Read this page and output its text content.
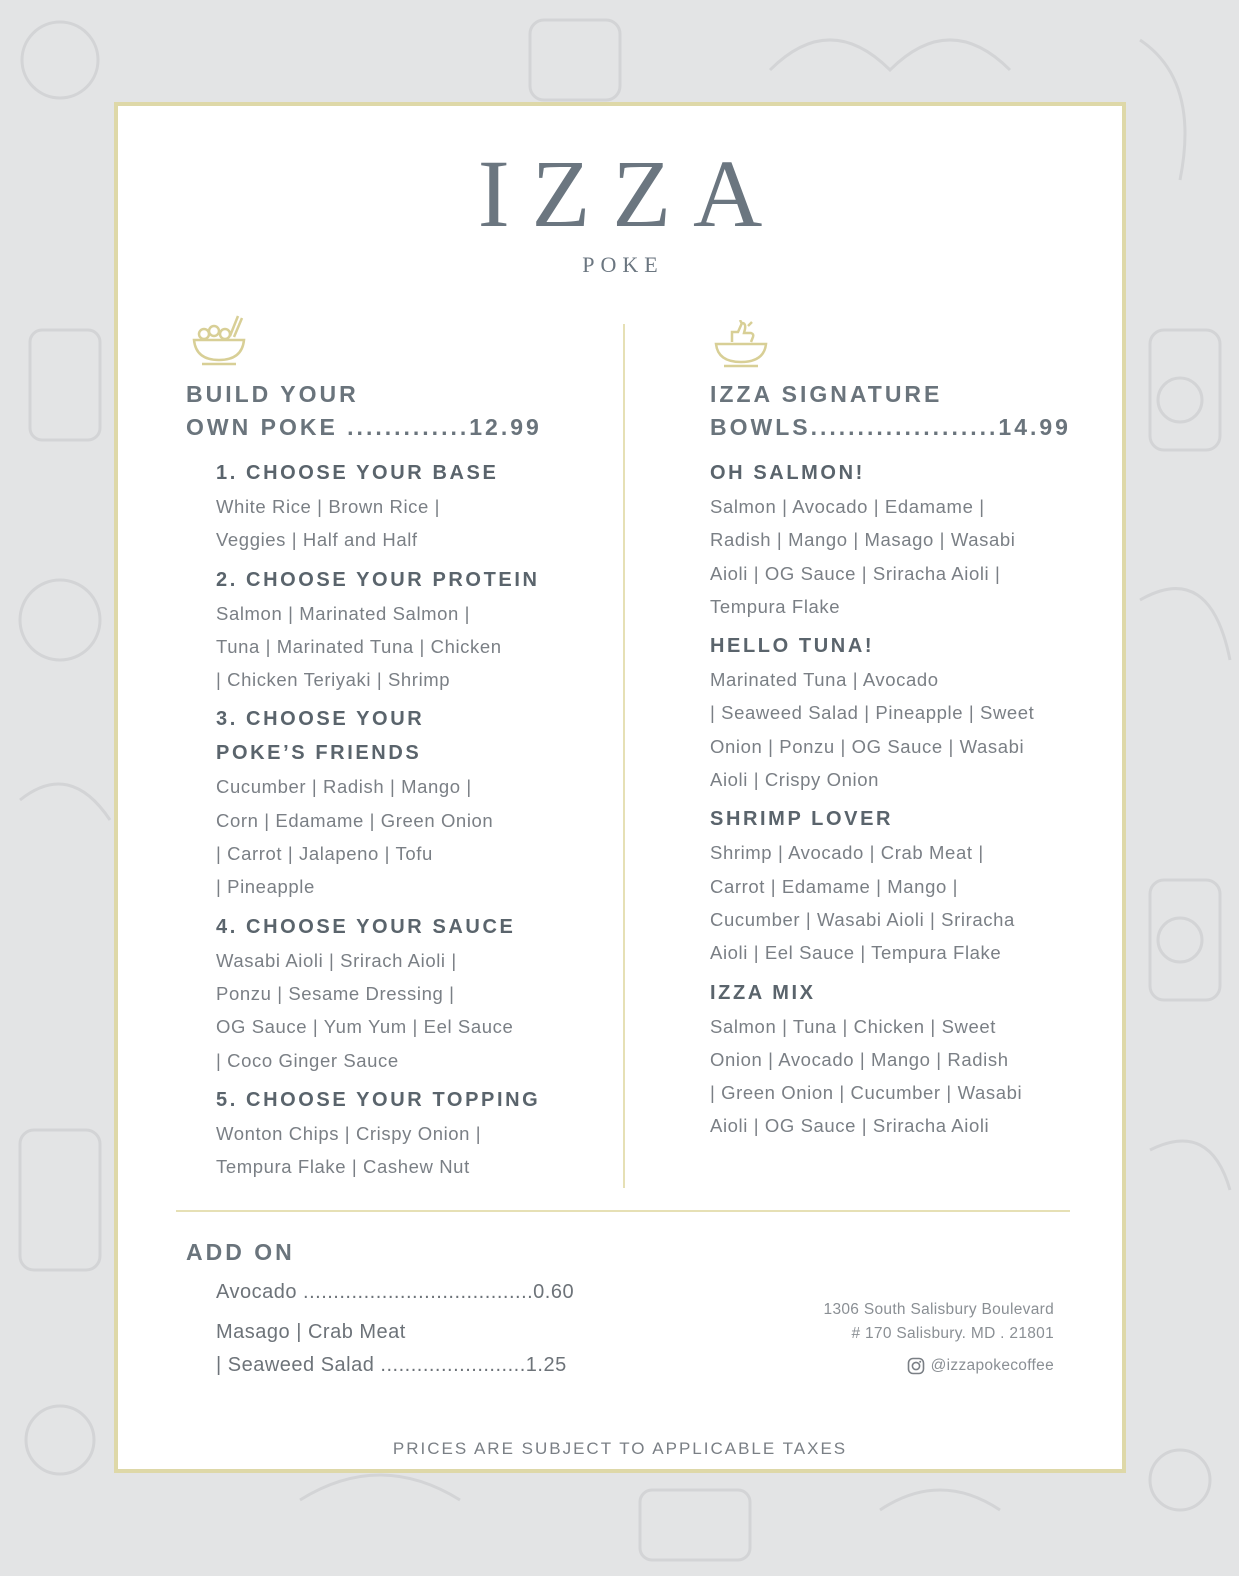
IZZA
POKE
BUILD YOUR
OWN POKE .............12.99

1. CHOOSE YOUR BASE

White Rice | Brown Rice |

Veggies | Half and Half

2. CHOOSE YOUR PROTEIN

Salmon | Marinated Salmon |

Tuna | Marinated Tuna | Chicken

| Chicken Teriyaki | Shrimp

3. CHOOSE YOUR

POKE’S FRIENDS

Cucumber | Radish | Mango |

Corn | Edamame | Green Onion

| Carrot | Jalapeno | Tofu

| Pineapple

4. CHOOSE YOUR SAUCE

Wasabi Aioli | Srirach Aioli |

Ponzu | Sesame Dressing |

OG Sauce | Yum Yum | Eel Sauce

| Coco Ginger Sauce

5. CHOOSE YOUR TOPPING

Wonton Chips | Crispy Onion |

Tempura Flake | Cashew Nut

IZZA SIGNATURE
BOWLS....................14.99

OH SALMON!

Salmon | Avocado | Edamame |

Radish | Mango | Masago | Wasabi

Aioli | OG Sauce | Sriracha Aioli |

Tempura Flake

HELLO TUNA!

Marinated Tuna | Avocado

| Seaweed Salad | Pineapple | Sweet

Onion | Ponzu | OG Sauce | Wasabi

Aioli | Crispy Onion

SHRIMP LOVER

Shrimp | Avocado | Crab Meat |

Carrot | Edamame | Mango |

Cucumber | Wasabi Aioli | Sriracha

Aioli | Eel Sauce | Tempura Flake

IZZA MIX

Salmon | Tuna | Chicken | Sweet

Onion | Avocado | Mango | Radish

| Green Onion | Cucumber | Wasabi

Aioli | OG Sauce | Sriracha Aioli

ADD ON

Avocado ......................................0.60

Masago | Crab Meat

| Seaweed Salad ........................1.25

1306 South Salisbury Boulevard

# 170 Salisbury. MD . 21801

@izzapokecoffee
PRICES ARE SUBJECT TO APPLICABLE TAXES
